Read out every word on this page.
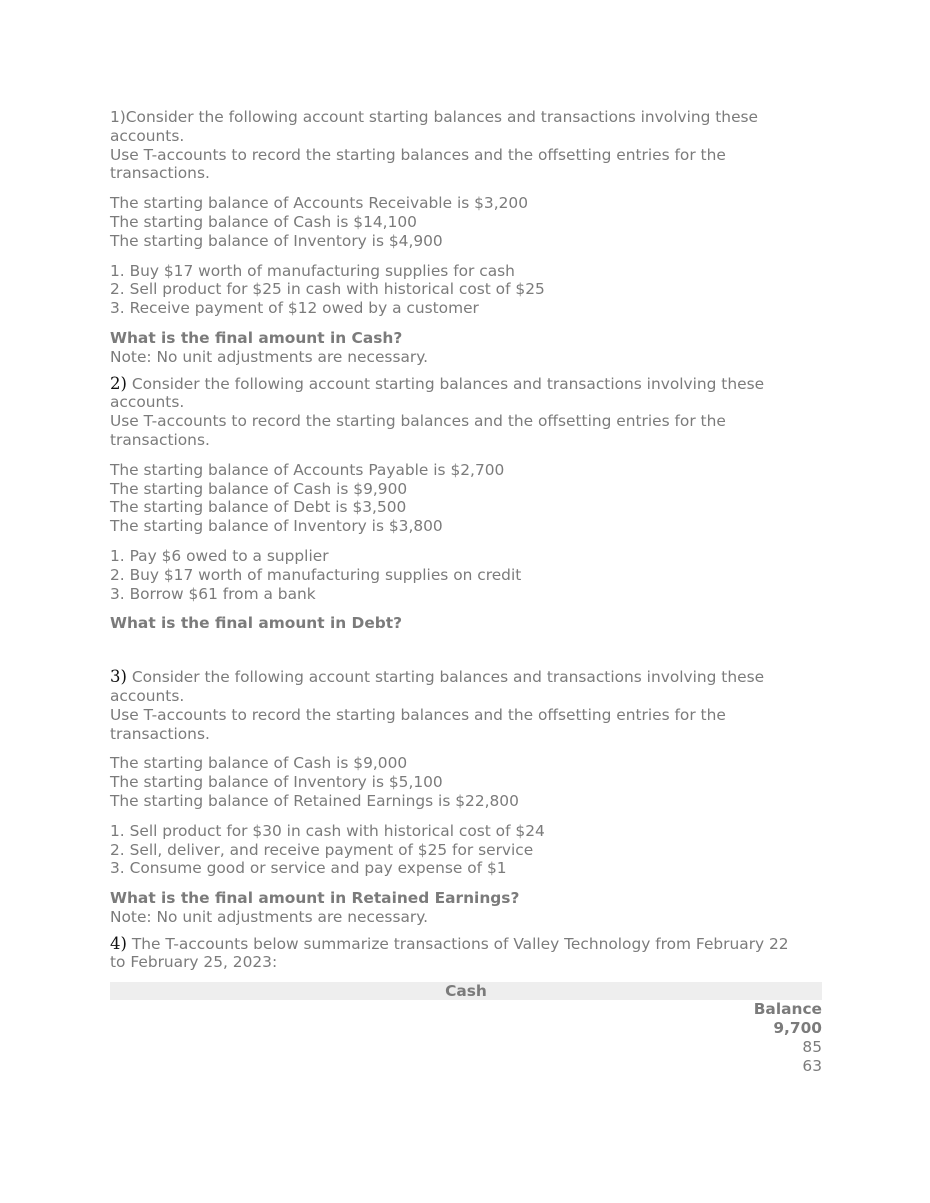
1)Consider the following account starting balances and transactions involving these
accounts.
Use T-accounts to record the starting balances and the offsetting entries for the
transactions.
The starting balance of Accounts Receivable is $3,200
The starting balance of Cash is $14,100
The starting balance of Inventory is $4,900
1. Buy $17 worth of manufacturing supplies for cash
2. Sell product for $25 in cash with historical cost of $25
3. Receive payment of $12 owed by a customer
What is the final amount in Cash?
Note: No unit adjustments are necessary.
2) Consider the following account starting balances and transactions involving these
accounts.
Use T-accounts to record the starting balances and the offsetting entries for the
transactions.
The starting balance of Accounts Payable is $2,700
The starting balance of Cash is $9,900
The starting balance of Debt is $3,500
The starting balance of Inventory is $3,800
1. Pay $6 owed to a supplier
2. Buy $17 worth of manufacturing supplies on credit
3. Borrow $61 from a bank
What is the final amount in Debt?
3) Consider the following account starting balances and transactions involving these
accounts.
Use T-accounts to record the starting balances and the offsetting entries for the
transactions.
The starting balance of Cash is $9,000
The starting balance of Inventory is $5,100
The starting balance of Retained Earnings is $22,800
1. Sell product for $30 in cash with historical cost of $24
2. Sell, deliver, and receive payment of $25 for service
3. Consume good or service and pay expense of $1
What is the final amount in Retained Earnings?
Note: No unit adjustments are necessary.
4) The T-accounts below summarize transactions of Valley Technology from February 22
to February 25, 2023:
Cash
Balance
9,700
85
63
